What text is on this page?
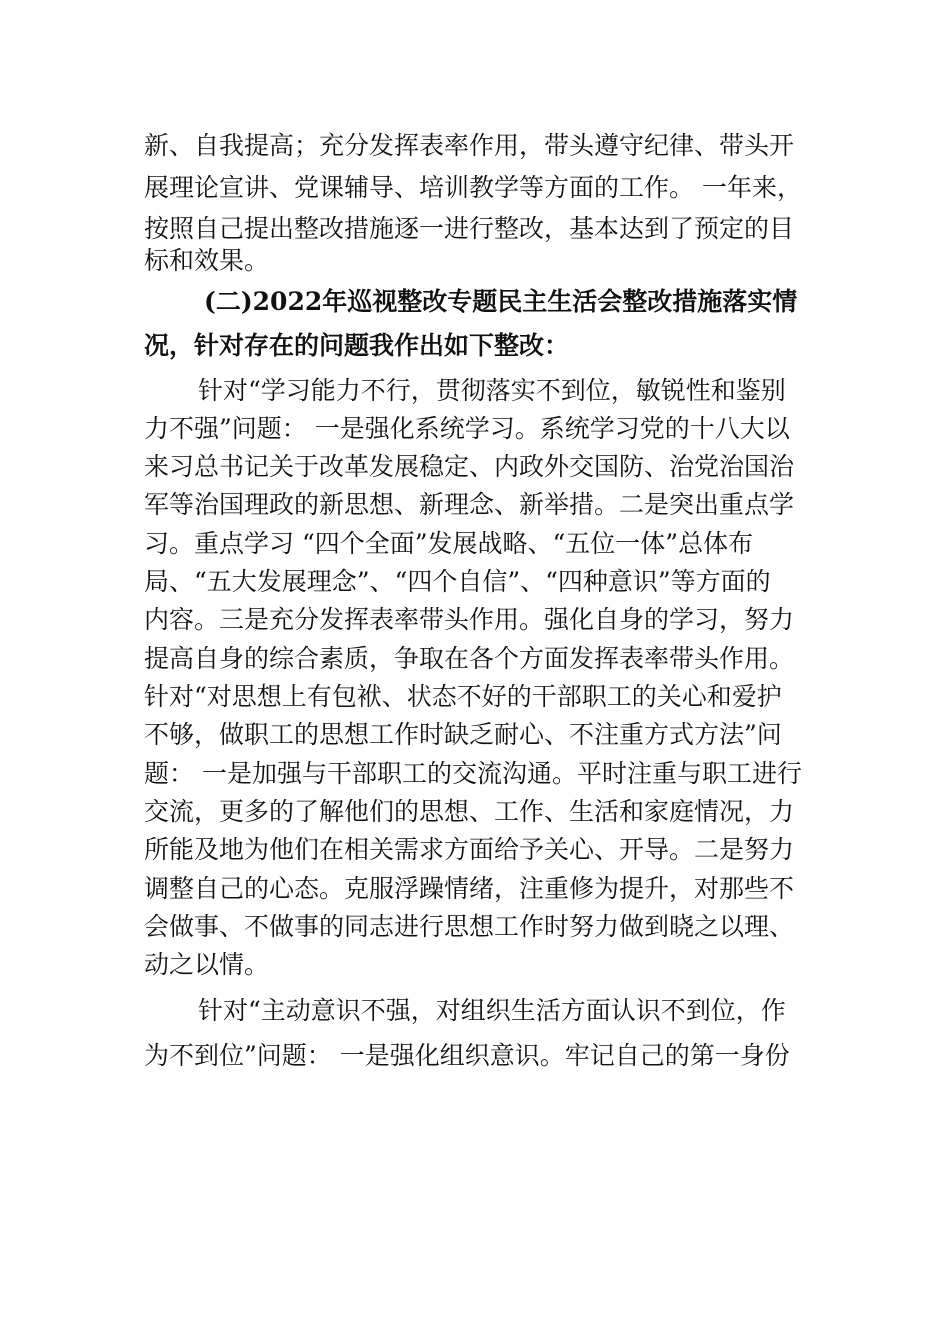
新、自我提高；充分发挥表率作用，带头遵守纪律、带头开
展理论宣讲、党课辅导、培训教学等方面的工作。 一年来，
按照自己提出整改措施逐一进行整改，基本达到了预定的目
标和效果。
(二)2022年巡视整改专题民主生活会整改措施落实情
况，针对存在的问题我作出如下整改：
针对“学习能力不行，贯彻落实不到位，敏锐性和鉴别
力不强”问题： 一是强化系统学习。系统学习党的十八大以
来习总书记关于改革发展稳定、内政外交国防、治党治国治
军等治国理政的新思想、新理念、新举措。二是突出重点学
习。重点学习 “四个全面”发展战略、“五位一体”总体布
局、“五大发展理念”、“四个自信”、“四种意识”等方面的
内容。三是充分发挥表率带头作用。强化自身的学习，努力
提高自身的综合素质，争取在各个方面发挥表率带头作用。
针对“对思想上有包袱、状态不好的干部职工的关心和爱护
不够，做职工的思想工作时缺乏耐心、不注重方式方法”问
题： 一是加强与干部职工的交流沟通。平时注重与职工进行
交流，更多的了解他们的思想、工作、生活和家庭情况，力
所能及地为他们在相关需求方面给予关心、开导。二是努力
调整自己的心态。克服浮躁情绪，注重修为提升，对那些不
会做事、不做事的同志进行思想工作时努力做到晓之以理、
动之以情。
针对“主动意识不强，对组织生活方面认识不到位，作
为不到位”问题： 一是强化组织意识。牢记自己的第一身份
